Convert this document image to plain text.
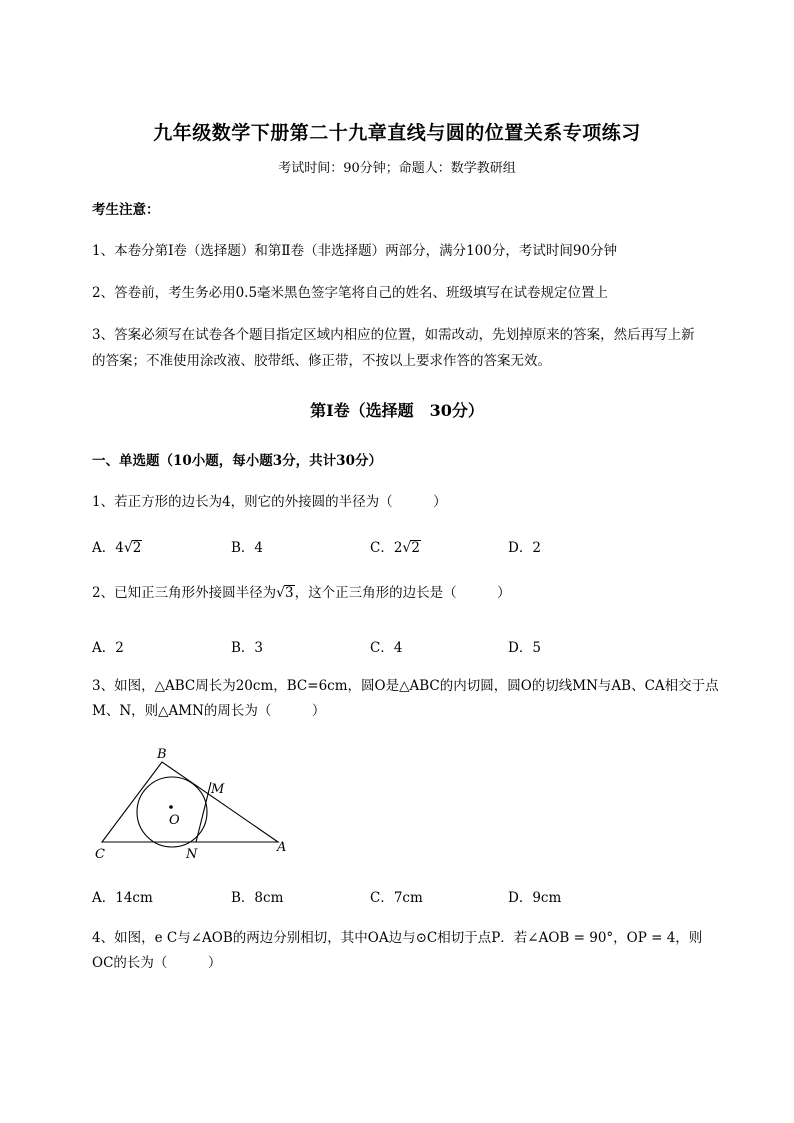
九年级数学下册第二十九章直线与圆的位置关系专项练习
考试时间：90分钟；命题人：数学教研组
考生注意：
1、本卷分第I卷（选择题）和第Ⅱ卷（非选择题）两部分，满分100分，考试时间90分钟
2、答卷前，考生务必用0.5毫米黑色签字笔将自己的姓名、班级填写在试卷规定位置上
3、答案必须写在试卷各个题目指定区域内相应的位置，如需改动，先划掉原来的答案，然后再写上新
的答案；不准使用涂改液、胶带纸、修正带，不按以上要求作答的答案无效。
第I卷（选择题　30分）
一、单选题（10小题，每小题3分，共计30分）
1、若正方形的边长为4，则它的外接圆的半径为（　　　）
A．4√2	B．4	C．2√2	D．2
2、已知正三角形外接圆半径为√3，这个正三角形的边长是（　　　）
A．2	B．3	C．4	D．5
3、如图，△ABC周长为20cm，BC=6cm，圆O是△ABC的内切圆，圆O的切线MN与AB、CA相交于点
M、N，则△AMN的周长为（　　　）
B
M
O
C	N	A
A．14cm	B．8cm	C．7cm	D．9cm
4、如图，e C与∠AOB的两边分别相切，其中OA边与⊙C相切于点P．若∠AOB = 90°，OP = 4，则
OC的长为（　　　）
